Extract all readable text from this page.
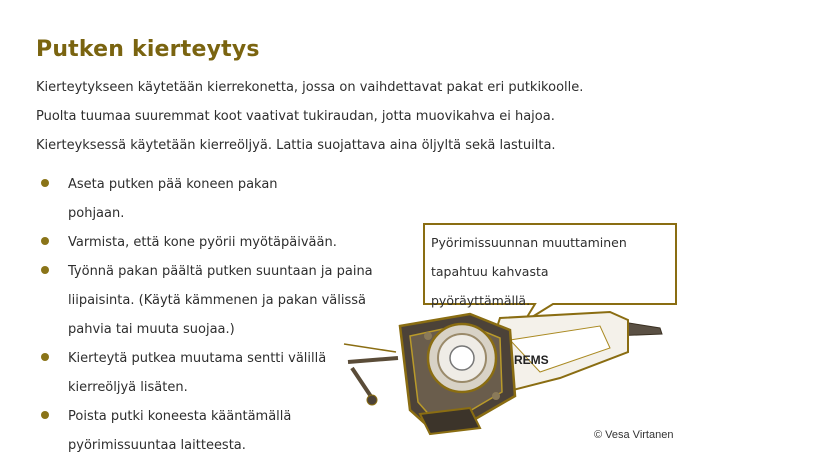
Putken kierteytys
Kierteytykseen käytetään kierrekonetta, jossa on vaihdettavat pakat eri putkikoolle.
Puolta tuumaa suuremmat koot vaativat tukiraudan, jotta muovikahva ei hajoa.
Kierteyksessä käytetään kierreöljyä. Lattia suojattava aina öljyltä sekä lastuilta.
Aseta putken pää koneen pakan pohjaan.
Varmista, että kone pyörii myötäpäivään.
Työnnä pakan päältä putken suuntaan ja paina liipaisinta. (Käytä kämmenen ja pakan välissä pahvia tai muuta suojaa.)
Kierteytä putkea muutama sentti välillä kierreöljyä lisäten.
Poista putki koneesta kääntämällä pyörimissuuntaa laitteesta.
REMS
Pyörimissuunnan muuttaminen
tapahtuu kahvasta
pyöräyttämällä.
© Vesa Virtanen
